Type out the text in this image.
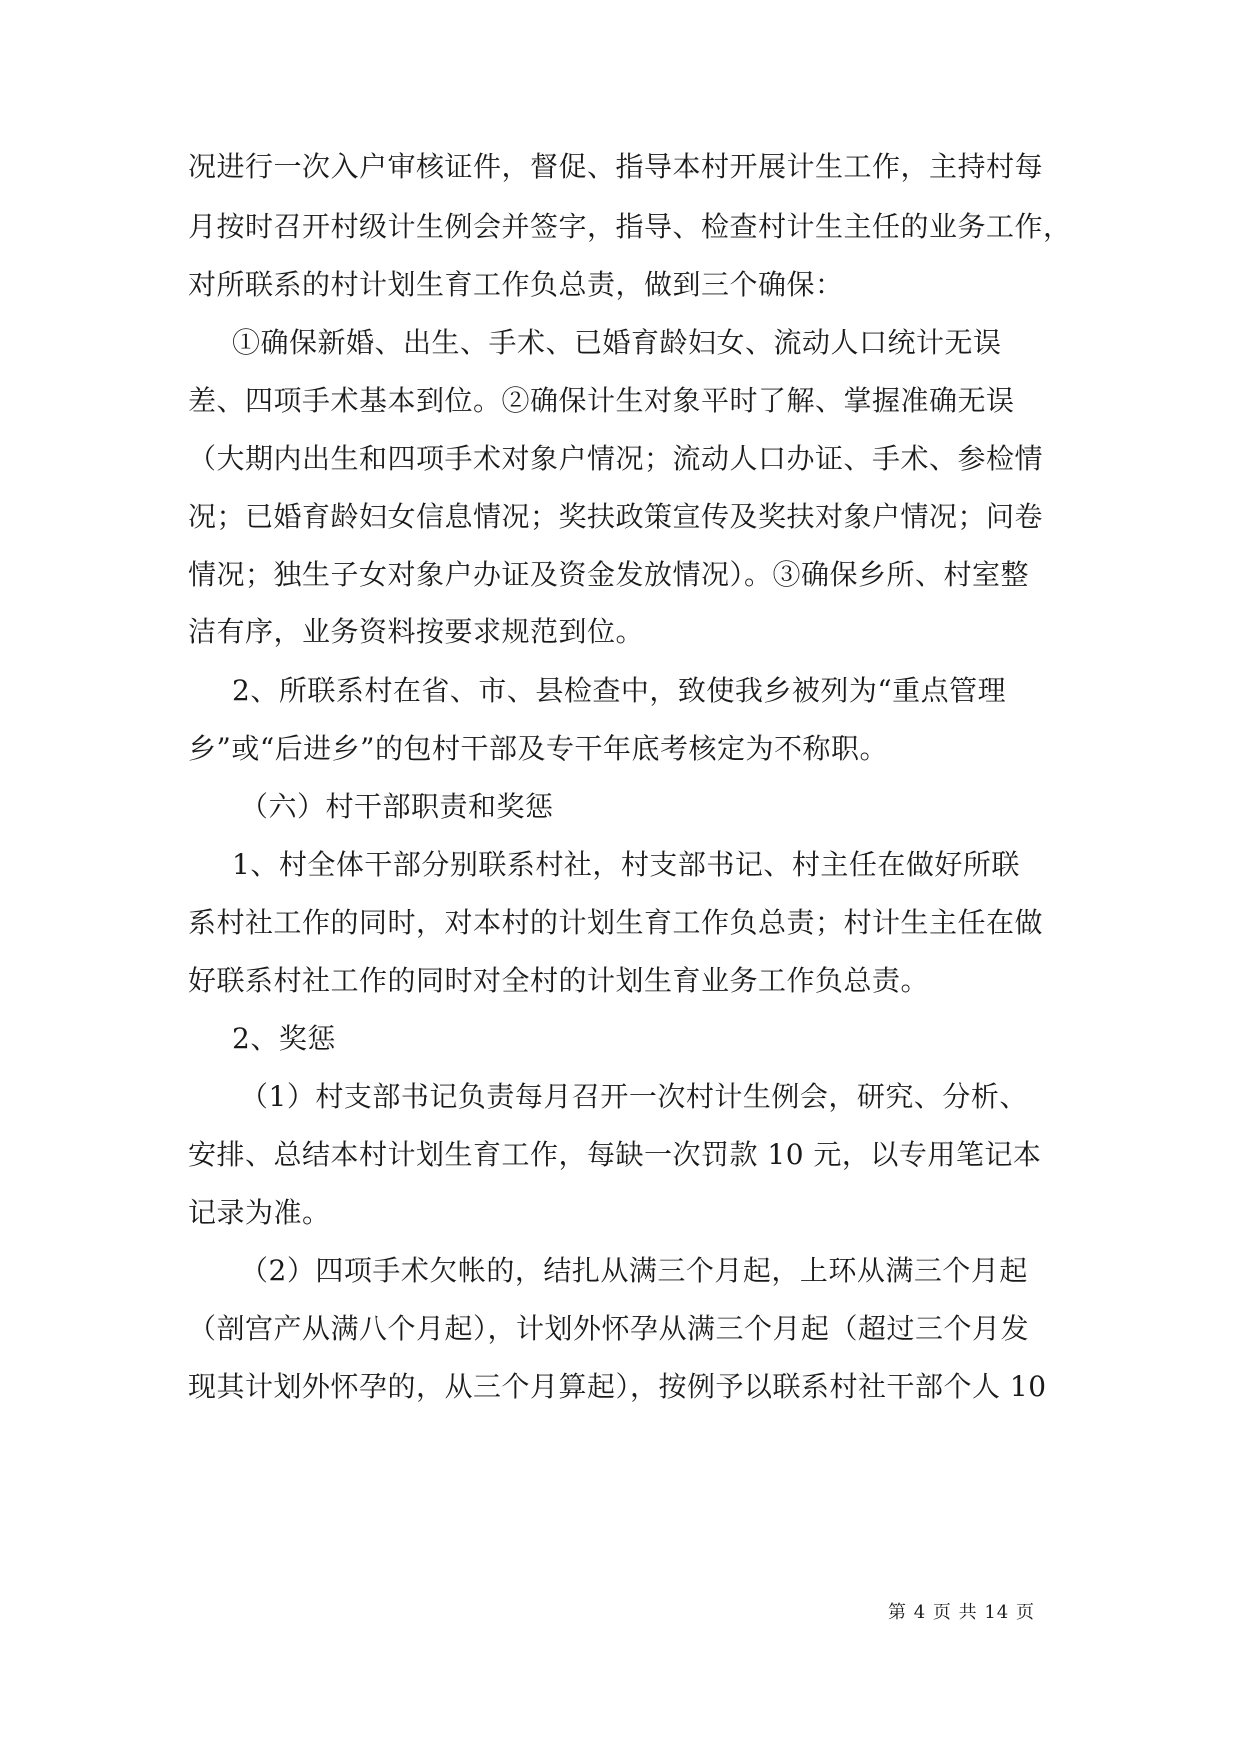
况进行一次入户审核证件，督促、指导本村开展计生工作，主持村每
月按时召开村级计生例会并签字，指导、检查村计生主任的业务工作，
对所联系的村计划生育工作负总责，做到三个确保：
①确保新婚、出生、手术、已婚育龄妇女、流动人口统计无误
差、四项手术基本到位。②确保计生对象平时了解、掌握准确无误
（大期内出生和四项手术对象户情况；流动人口办证、手术、参检情
况；已婚育龄妇女信息情况；奖扶政策宣传及奖扶对象户情况；问卷
情况；独生子女对象户办证及资金发放情况）。③确保乡所、村室整
洁有序，业务资料按要求规范到位。
2、所联系村在省、市、县检查中，致使我乡被列为“重点管理
乡”或“后进乡”的包村干部及专干年底考核定为不称职。
（六）村干部职责和奖惩
1、村全体干部分别联系村社，村支部书记、村主任在做好所联
系村社工作的同时，对本村的计划生育工作负总责；村计生主任在做
好联系村社工作的同时对全村的计划生育业务工作负总责。
2、奖惩
（1）村支部书记负责每月召开一次村计生例会，研究、分析、
安排、总结本村计划生育工作，每缺一次罚款 10 元，以专用笔记本
记录为准。
（2）四项手术欠帐的，结扎从满三个月起，上环从满三个月起
（剖宫产从满八个月起），计划外怀孕从满三个月起（超过三个月发
现其计划外怀孕的，从三个月算起），按例予以联系村社干部个人 10
第 4 页 共 14 页
